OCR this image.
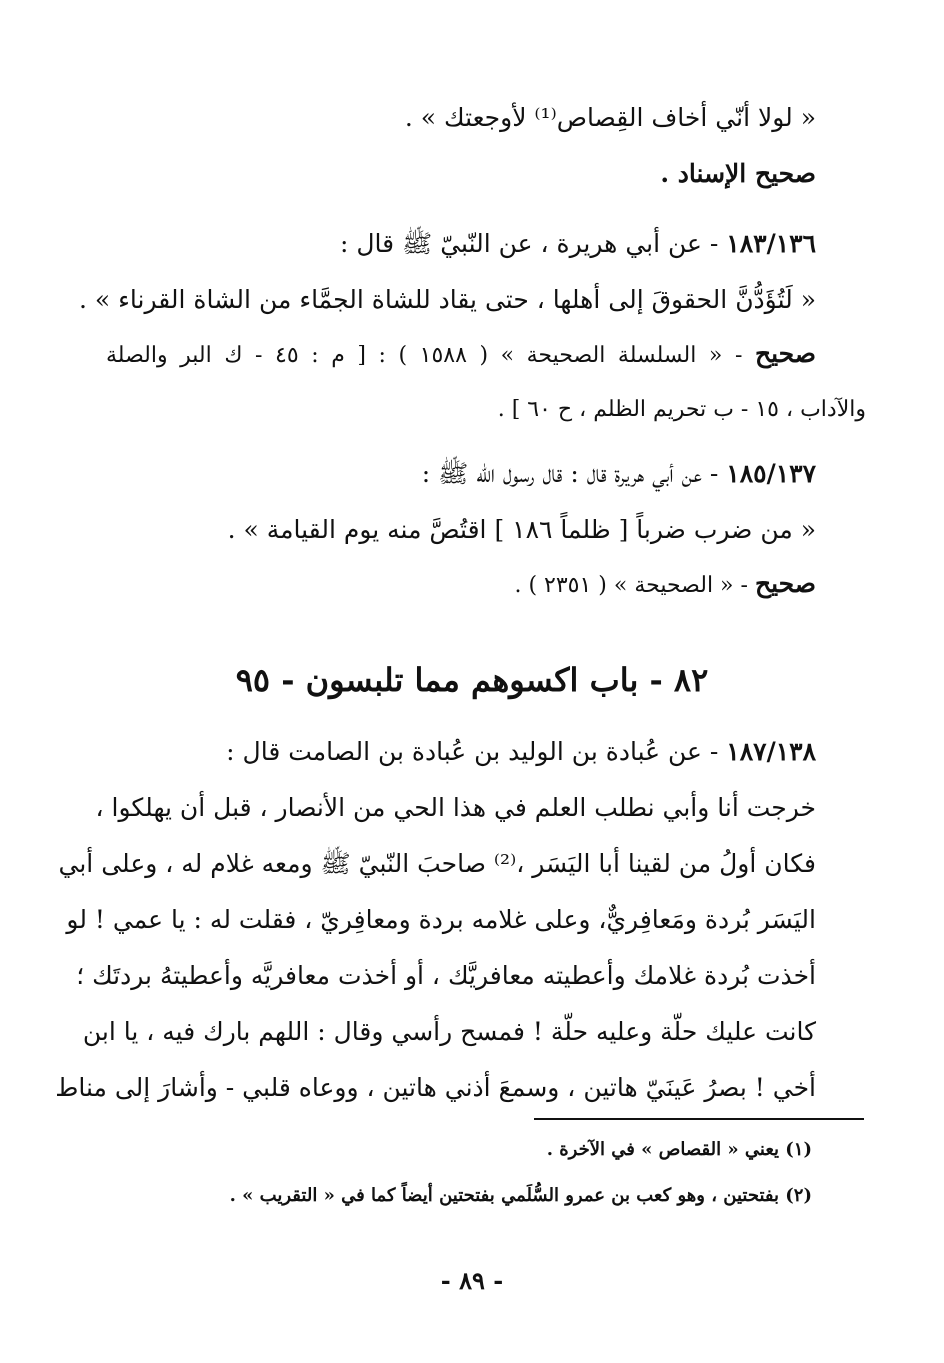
« لولا أنّي أخاف القِصاص⁽¹⁾ لأوجعتك » .
صحيح الإسناد .
١٨٣/١٣٦ - عن أبي هريرة ، عن النّبيّ ﷺ قال :
« لَتُؤَدُّنَّ الحقوقَ إلى أهلها ، حتى يقاد للشاة الجمَّاء من الشاة القرناء » .
صحيح - « السلسلة الصحيحة » ( ١٥٨٨ ) : [ م : ٤٥ - ك البر والصلة
والآداب ، ١٥ - ب تحريم الظلم ، ح ٦٠ ] .
١٨٥/١٣٧ - عن أبي هريرة قال : قال رسول اللّه ﷺ :
« من ضرب ضرباً [ ظلماً ١٨٦ ] اقتُصَّ منه يوم القيامة » .
صحيح - « الصحيحة » ( ٢٣٥١ ) .
٨٢ - باب اكسوهم مما تلبسون - ٩٥
١٨٧/١٣٨ - عن عُبادة بن الوليد بن عُبادة بن الصامت قال :
خرجت أنا وأبي نطلب العلم في هذا الحي من الأنصار ، قبل أن يهلكوا ،
فكان أولُ من لقينا أبا اليَسَر ،⁽²⁾ صاحبَ النّبيّ ﷺ ومعه غلام له ، وعلى أبي
اليَسَر بُردة ومَعافِريٌّ، وعلى غلامه بردة ومعافِريّ ، فقلت له : يا عمي ! لو
أخذت بُردة غلامك وأعطيته معافريَّك ، أو أخذت معافريَّه وأعطيتهُ بردتَك ؛
كانت عليك حلّة وعليه حلّة ! فمسح رأسي وقال : اللهم بارك فيه ، يا ابن
أخي ! بصرُ عَينَيّ هاتين ، وسمعَ أذني هاتين ، ووعاه قلبي - وأشارَ إلى مناط
(١) يعني « القصاص » في الآخرة .
(٢) بفتحتين ، وهو كعب بن عمرو السُّلَمي بفتحتين أيضاً كما في « التقريب » .
- ٨٩ -
